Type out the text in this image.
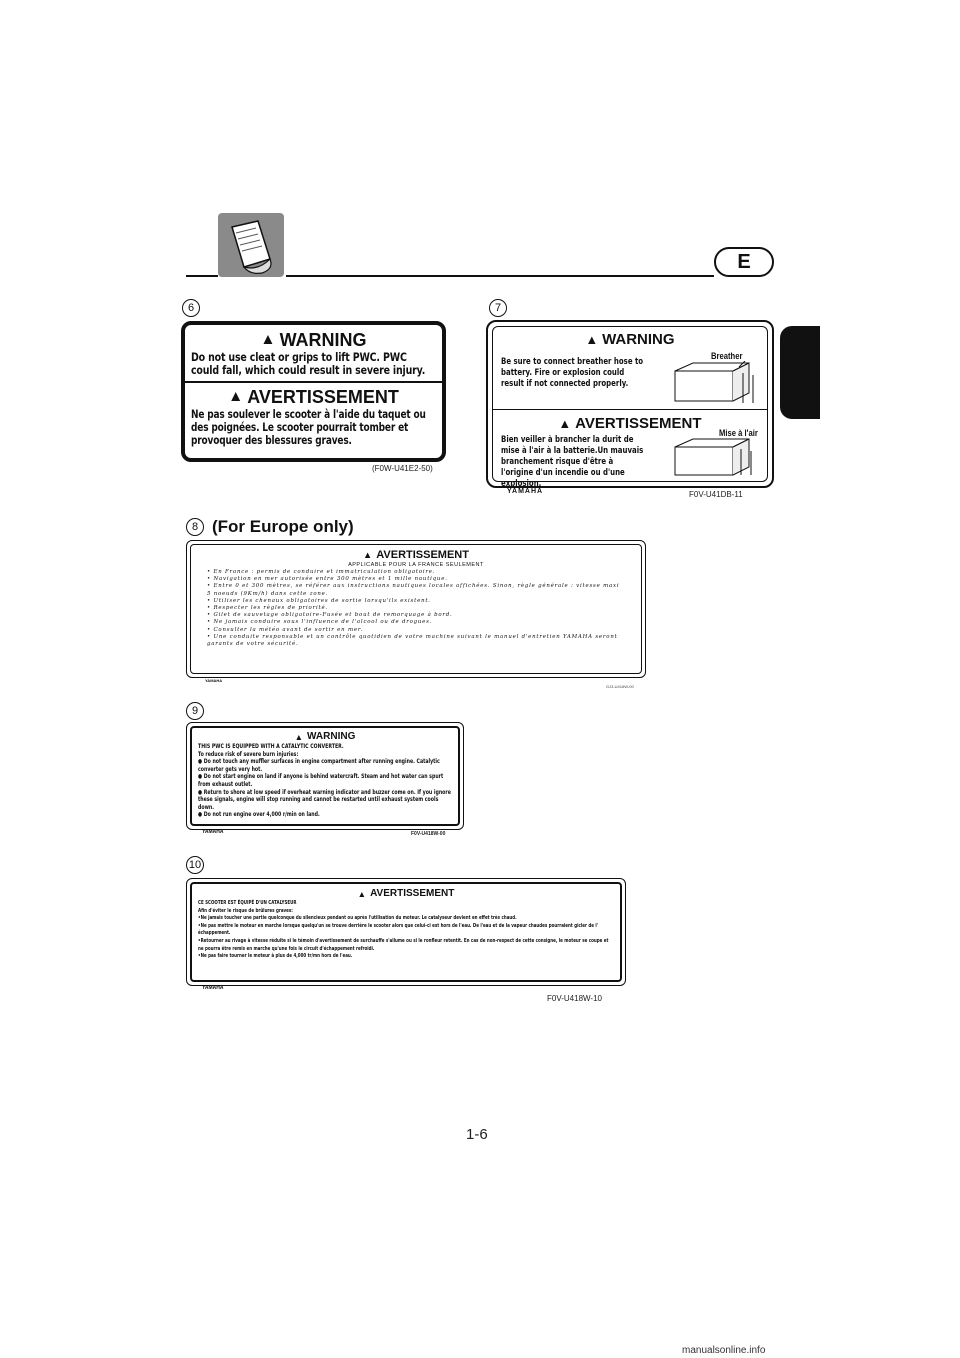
E
6
▲ WARNING
Do not use cleat or grips to lift PWC. PWC could fall, which could result in severe injury.
▲ AVERTISSEMENT
Ne pas soulever le scooter à l'aide du taquet ou des poignées. Le scooter pourrait tomber et provoquer des blessures graves.
(F0W-U41E2-50)
7
▲ WARNING
Be sure to connect breather hose to battery. Fire or explosion could result if not connected properly.
Breather
▲ AVERTISSEMENT
Bien veiller à brancher la durit de mise à l'air à la batterie.Un mauvais branchement risque d'être à l'origine d'un incendie ou d'une explosion.
Mise à l'air
YAMAHA	F0V-U41DB-11
8 (For Europe only)
▲ AVERTISSEMENT
APPLICABLE POUR LA FRANCE SEULEMENT
• En France : permis de conduire et immatriculation obligatoire.
• Navigation en mer autorisée entre 300 mètres et 1 mille nautique.
• Entre 0 et 300 mètres, se référer aux instructions nautiques locales affichées. Sinon, règle générale : vitesse maxi 5 noeuds (9Km/h) dans cette zone.
• Utiliser les chenaux obligatoires de sortie lorsqu'ils existent.
• Respecter les règles de priorité.
• Gilet de sauvetage obligatoire-Fusée et bout de remorquage à bord.
• Ne jamais conduire sous l'influence de l'alcool ou de drogues.
• Consulter la météo avant de sortir en mer.
• Une conduite responsable et un contrôle quotidien de votre machine suivant le manuel d'entretien YAMAHA seront garants de votre sécurité.
YAMAHA
GJ3-U416W-00
9
▲ WARNING
THIS PWC IS EQUIPPED WITH A CATALYTIC CONVERTER.
To reduce risk of severe burn injuries:
● Do not touch any muffler surfaces in engine compartment after running engine. Catalytic converter gets very hot.
● Do not start engine on land if anyone is behind watercraft. Steam and hot water can spurt from exhaust outlet.
● Return to shore at low speed if overheat warning indicator and buzzer come on. If you ignore these signals, engine will stop running and cannot be restarted until exhaust system cools down.
● Do not run engine over 4,000 r/min on land.
YAMAHA	F0V-U418W-00
10
▲ AVERTISSEMENT
CE SCOOTER EST ÉQUIPÉ D'UN CATALYSEUR
Afin d'éviter le risque de brûlures graves:
•Ne jamais toucher une partie quelconque du silencieux pendant ou après l'utilisation du moteur. Le catalyseur devient en effet très chaud.
•Ne pas mettre le moteur en marche lorsque quelqu'un se trouve derrière le scooter alors que celui-ci est hors de l'eau. De l'eau et de la vapeur chaudes pourraient gicler de l' échappement.
•Retourner au rivage à vitesse réduite si le témoin d'avertissement de surchauffe s'allume ou si le ronfleur retentit. En cas de non-respect de cette consigne, le moteur se coupe et ne pourra être remis en marche qu'une fois le circuit d'échappement refroidi.
•Ne pas faire tourner le moteur à plus de 4,000 tr/mn hors de l'eau.
YAMAHA
F0V-U418W-10
1-6
manualsonline.info
